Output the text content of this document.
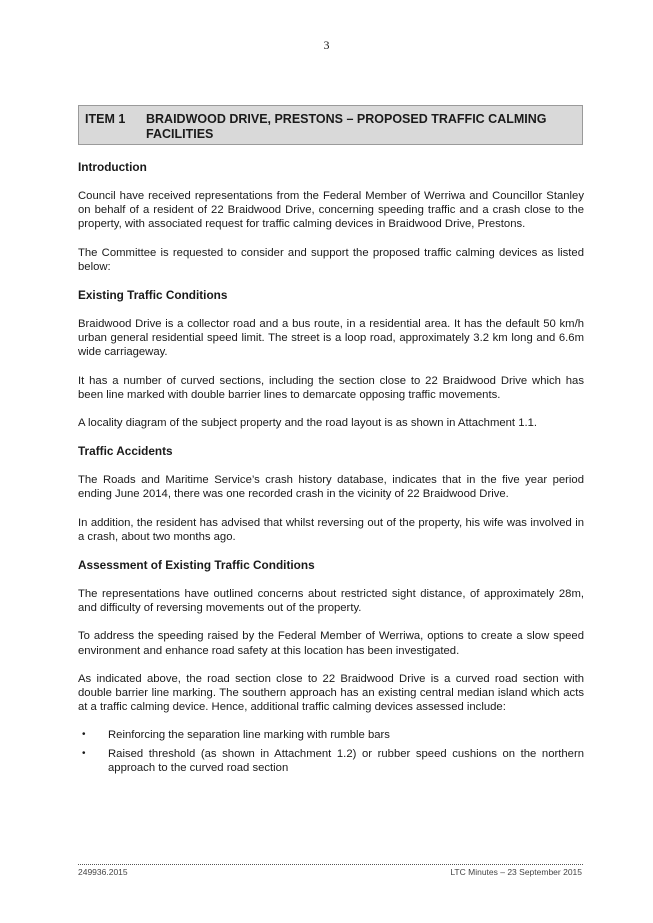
3
ITEM 1 BRAIDWOOD DRIVE, PRESTONS – PROPOSED TRAFFIC CALMING FACILITIES
Introduction

Council have received representations from the Federal Member of Werriwa and Councillor Stanley on behalf of a resident of 22 Braidwood Drive, concerning speeding traffic and a crash close to the property, with associated request for traffic calming devices in Braidwood Drive, Prestons.

The Committee is requested to consider and support the proposed traffic calming devices as listed below:

Existing Traffic Conditions

Braidwood Drive is a collector road and a bus route, in a residential area. It has the default 50 km/h urban general residential speed limit. The street is a loop road, approximately 3.2 km long and 6.6m wide carriageway.

It has a number of curved sections, including the section close to 22 Braidwood Drive which has been line marked with double barrier lines to demarcate opposing traffic movements.

A locality diagram of the subject property and the road layout is as shown in Attachment 1.1.

Traffic Accidents

The Roads and Maritime Service’s crash history database, indicates that in the five year period ending June 2014, there was one recorded crash in the vicinity of 22 Braidwood Drive.

In addition, the resident has advised that whilst reversing out of the property, his wife was involved in a crash, about two months ago.

Assessment of Existing Traffic Conditions

The representations have outlined concerns about restricted sight distance, of approximately 28m, and difficulty of reversing movements out of the property.

To address the speeding raised by the Federal Member of Werriwa, options to create a slow speed environment and enhance road safety at this location has been investigated.

As indicated above, the road section close to 22 Braidwood Drive is a curved road section with double barrier line marking. The southern approach has an existing central median island which acts at a traffic calming device. Hence, additional traffic calming devices assessed include:

• Reinforcing the separation line marking with rumble bars
• Raised threshold (as shown in Attachment 1.2) or rubber speed cushions on the northern approach to the curved road section
249936.2015	LTC Minutes – 23 September 2015
